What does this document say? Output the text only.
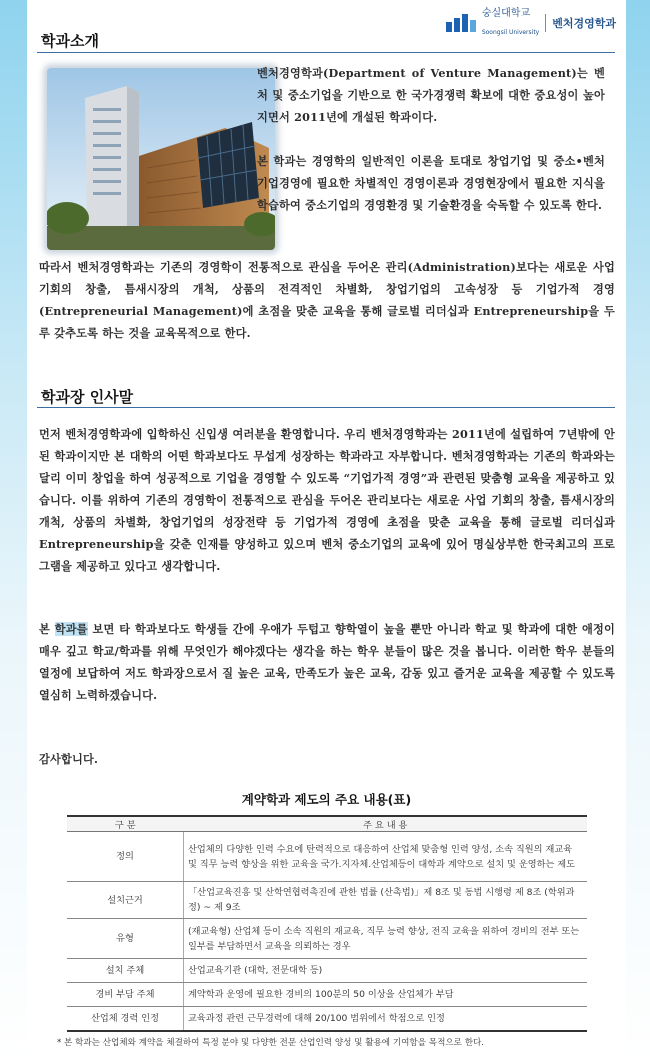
숭실대학교
Soongsil University
벤처경영학과
학과소개

벤처경영학과(Department of Venture Management)는 벤처 및 중소기업을 기반으로 한 국가경쟁력 확보에 대한 중요성이 높아지면서 2011년에 개설된 학과이다.

본 학과는 경영학의 일반적인 이론을 토대로 창업기업 및 중소•벤처 기업경영에 필요한 차별적인 경영이론과 경영현장에서 필요한 지식을 학습하여 중소기업의 경영환경 및 기술환경을 숙독할 수 있도록 한다.

따라서 벤처경영학과는 기존의 경영학이 전통적으로 관심을 두어온 관리(Administration)보다는 새로운 사업 기회의 창출, 틈새시장의 개척, 상품의 전격적인 차별화, 창업기업의 고속성장 등 기업가적 경영(Entrepreneurial Management)에 초점을 맞춘 교육을 통해 글로벌 리더십과 Entrepreneurship을 두루 갖추도록 하는 것을 교육목적으로 한다.

학과장 인사말

먼저 벤처경영학과에 입학하신 신입생 여러분을 환영합니다. 우리 벤처경영학과는 2011년에 설립하여 7년밖에 안 된 학과이지만 본 대학의 어떤 학과보다도 무섭게 성장하는 학과라고 자부합니다. 벤처경영학과는 기존의 학과와는 달리 이미 창업을 하여 성공적으로 기업을 경영할 수 있도록 “기업가적 경영”과 관련된 맞춤형 교육을 제공하고 있습니다. 이를 위하여 기존의 경영학이 전통적으로 관심을 두어온 관리보다는 새로운 사업 기회의 창출, 틈새시장의 개척, 상품의 차별화, 창업기업의 성장전략 등 기업가적 경영에 초점을 맞춘 교육을 통해 글로벌 리더십과 Entrepreneurship을 갖춘 인재를 양성하고 있으며 벤처 중소기업의 교육에 있어 명실상부한 한국최고의 프로그램을 제공하고 있다고 생각합니다.

본 학과를 보면 타 학과보다도 학생들 간에 우애가 두텁고 향학열이 높을 뿐만 아니라 학교 및 학과에 대한 애정이 매우 깊고 학교/학과를 위해 무엇인가 해야겠다는 생각을 하는 학우 분들이 많은 것을 봅니다. 이러한 학우 분들의 열정에 보답하여 저도 학과장으로서 질 높은 교육, 만족도가 높은 교육, 감동 있고 즐거운 교육을 제공할 수 있도록 열심히 노력하겠습니다.

감사합니다.

계약학과 제도의 주요 내용(표)
구 분	주 요 내 용
정의	산업체의 다양한 인력 수요에 탄력적으로 대응하여 산업체 맞춤형 인력 양성, 소속 직원의 재교육 및 직무 능력 향상을 위한 교육을 국가.지자체.산업체등이 대학과 계약으로 설치 및 운영하는 제도
설치근거	「산업교육진흥 및 산학연협력촉진에 관한 법률 (산촉법)」제 8조 및 동법 시행령 제 8조 (학위과정) ~ 제 9조
유형	(재교육형) 산업체 등이 소속 직원의 재교육, 직무 능력 향상, 전직 교육을 위하여 경비의 전부 또는 일부를 부담하면서 교육을 의뢰하는 경우
설치 주체	산업교육기관 (대학, 전문대학 등)
경비 부담 주체	계약학과 운영에 필요한 경비의 100분의 50 이상을 산업체가 부담
산업체 경력 인정	교육과정 관련 근무경력에 대해 20/100 범위에서 학점으로 인정
* 본 학과는 산업체와 계약을 체결하여 특정 분야 및 다양한 전문 산업인력 양성 및 활용에 기여함을 목적으로 한다.
